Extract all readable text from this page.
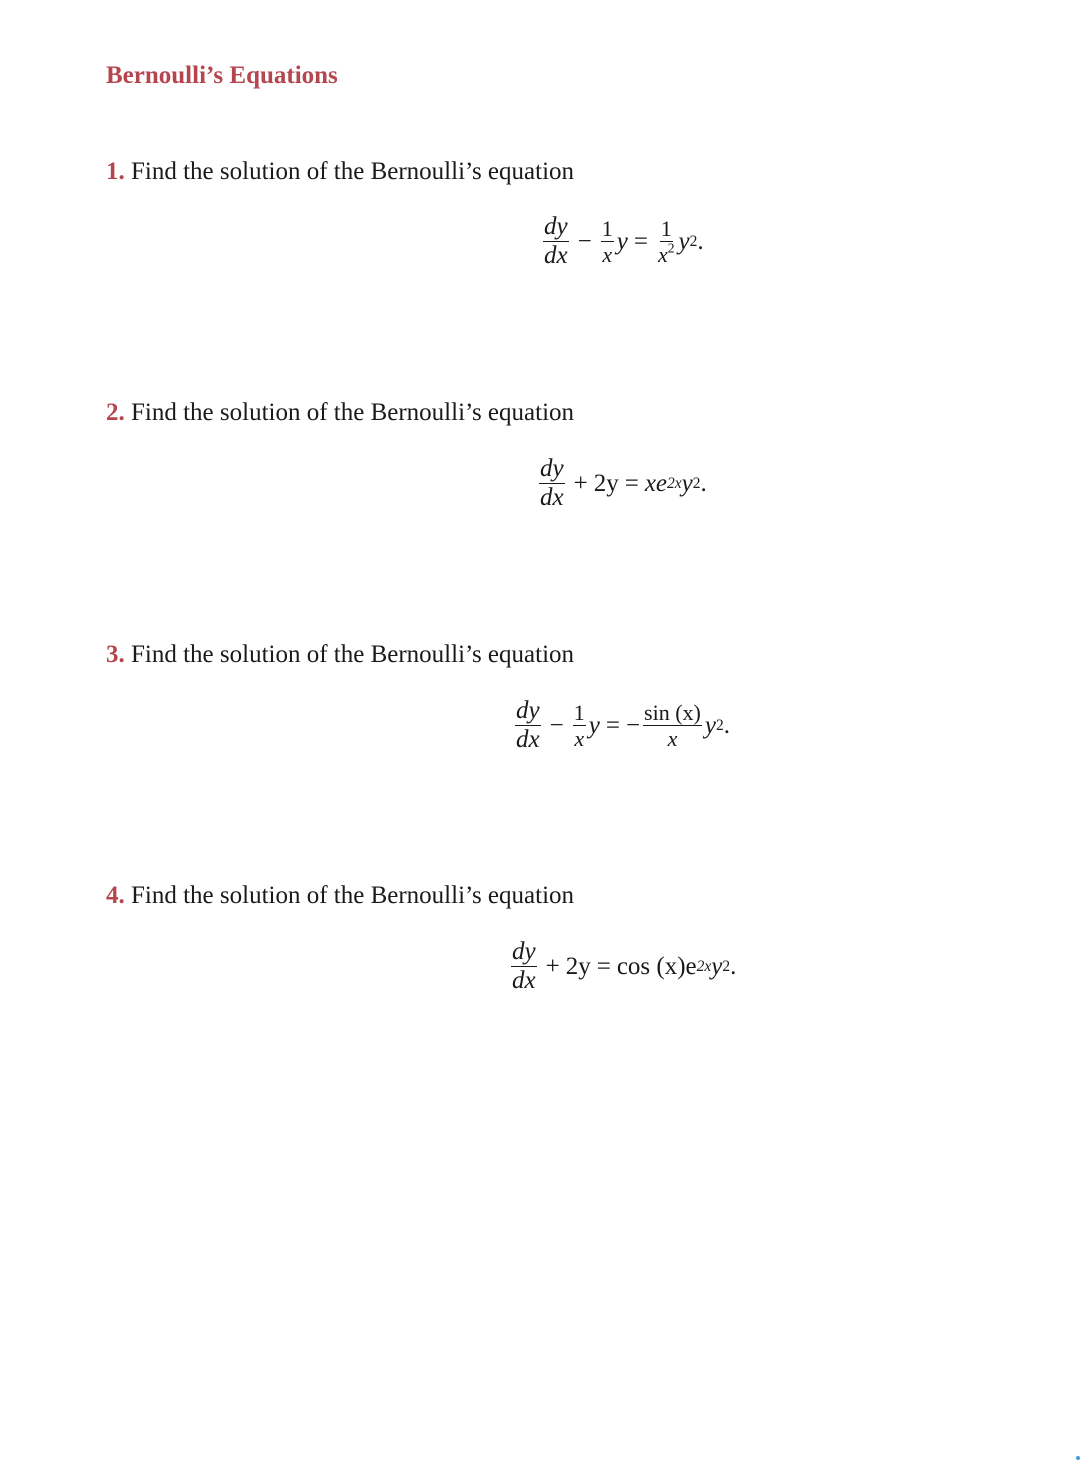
Bernoulli’s Equations
1. Find the solution of the Bernoulli’s equation
$\frac{dy}{dx} - \frac{1}{x}$ $y = \frac{1}{x^2}$ y 2 .
2. Find the solution of the Bernoulli’s equation
$\frac{dy}{dx} + 2y$ = xe 2x y 2 .
3. Find the solution of the Bernoulli’s equation
$\frac{dy}{dx} - \frac{1}{x}$ y = − $\frac{\sin (x)}{x}$ y 2 .
4. Find the solution of the Bernoulli’s equation
$\frac{dy}{dx} + 2y = \cos (x)e$ 2x y 2 .
